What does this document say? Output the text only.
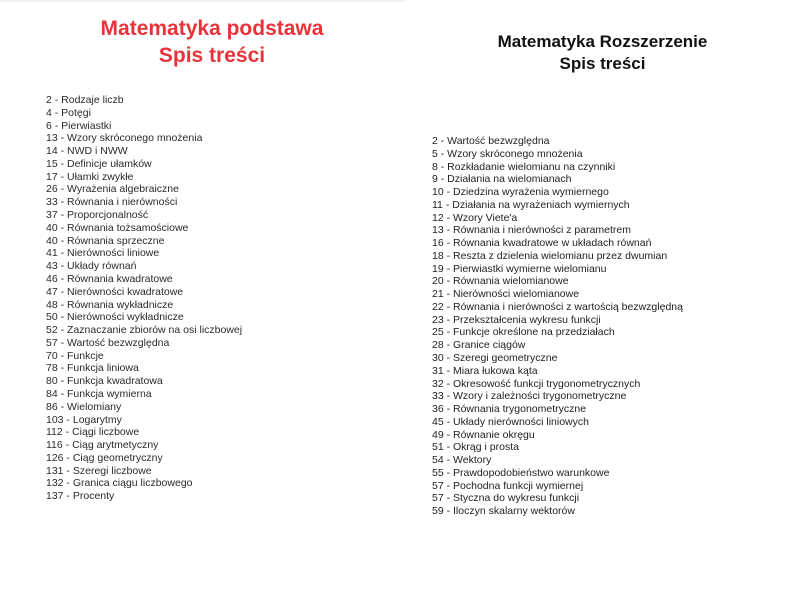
Matematyka podstawa
Spis treści
2 - Rodzaje liczb
4 - Potęgi
6 - Pierwiastki
13 - Wzory skróconego mnożenia
14 - NWD i NWW
15 - Definicje ułamków
17 - Ułamki zwykłe
26 - Wyrażenia algebraiczne
33 - Równania i nierówności
37 - Proporcjonalność
40 - Równania tożsamościowe
40 - Równania sprzeczne
41 - Nierówności liniowe
43 - Układy równań
46 - Równania kwadratowe
47 - Nierówności kwadratowe
48 - Równania wykładnicze
50 - Nierówności wykładnicze
52 - Zaznaczanie zbiorów na osi liczbowej
57 - Wartość bezwzględna
70 - Funkcje
78 - Funkcja liniowa
80 - Funkcja kwadratowa
84 - Funkcja wymierna
86 - Wielomiany
103 - Logarytmy
112 - Ciągi liczbowe
116 - Ciąg arytmetyczny
126 - Ciąg geometryczny
131 - Szeregi liczbowe
132 - Granica ciągu liczbowego
137 - Procenty
Matematyka Rozszerzenie
Spis treści
2 - Wartość bezwzględna
5 - Wzory skróconego mnożenia
8 - Rozkładanie wielomianu na czynniki
9 - Działania na wielomianach
10 - Dziedzina wyrażenia wymiernego
11 - Działania na wyrażeniach wymiernych
12 - Wzory Viete'a
13 - Równania i nierówności z parametrem
16 - Równania kwadratowe w układach równań
18 - Reszta z dzielenia wielomianu przez dwumian
19 - Pierwiastki wymierne wielomianu
20 - Równania wielomianowe
21 - Nierówności wielomianowe
22 - Równania i nierówności z wartością bezwzględną
23 - Przekształcenia wykresu funkcji
25 - Funkcje określone na przedziałach
28 - Granice ciągów
30 - Szeregi geometryczne
31 - Miara łukowa kąta
32 - Okresowość funkcji trygonometrycznych
33 - Wzory i zależności trygonometryczne
36 - Równania trygonometryczne
45 - Układy nierówności liniowych
49 - Równanie okręgu
51 - Okrąg i prosta
54 - Wektory
55 - Prawdopodobieństwo warunkowe
57 - Pochodna funkcji wymiernej
57 - Styczna do wykresu funkcji
59 - Iloczyn skalarny wektorów
